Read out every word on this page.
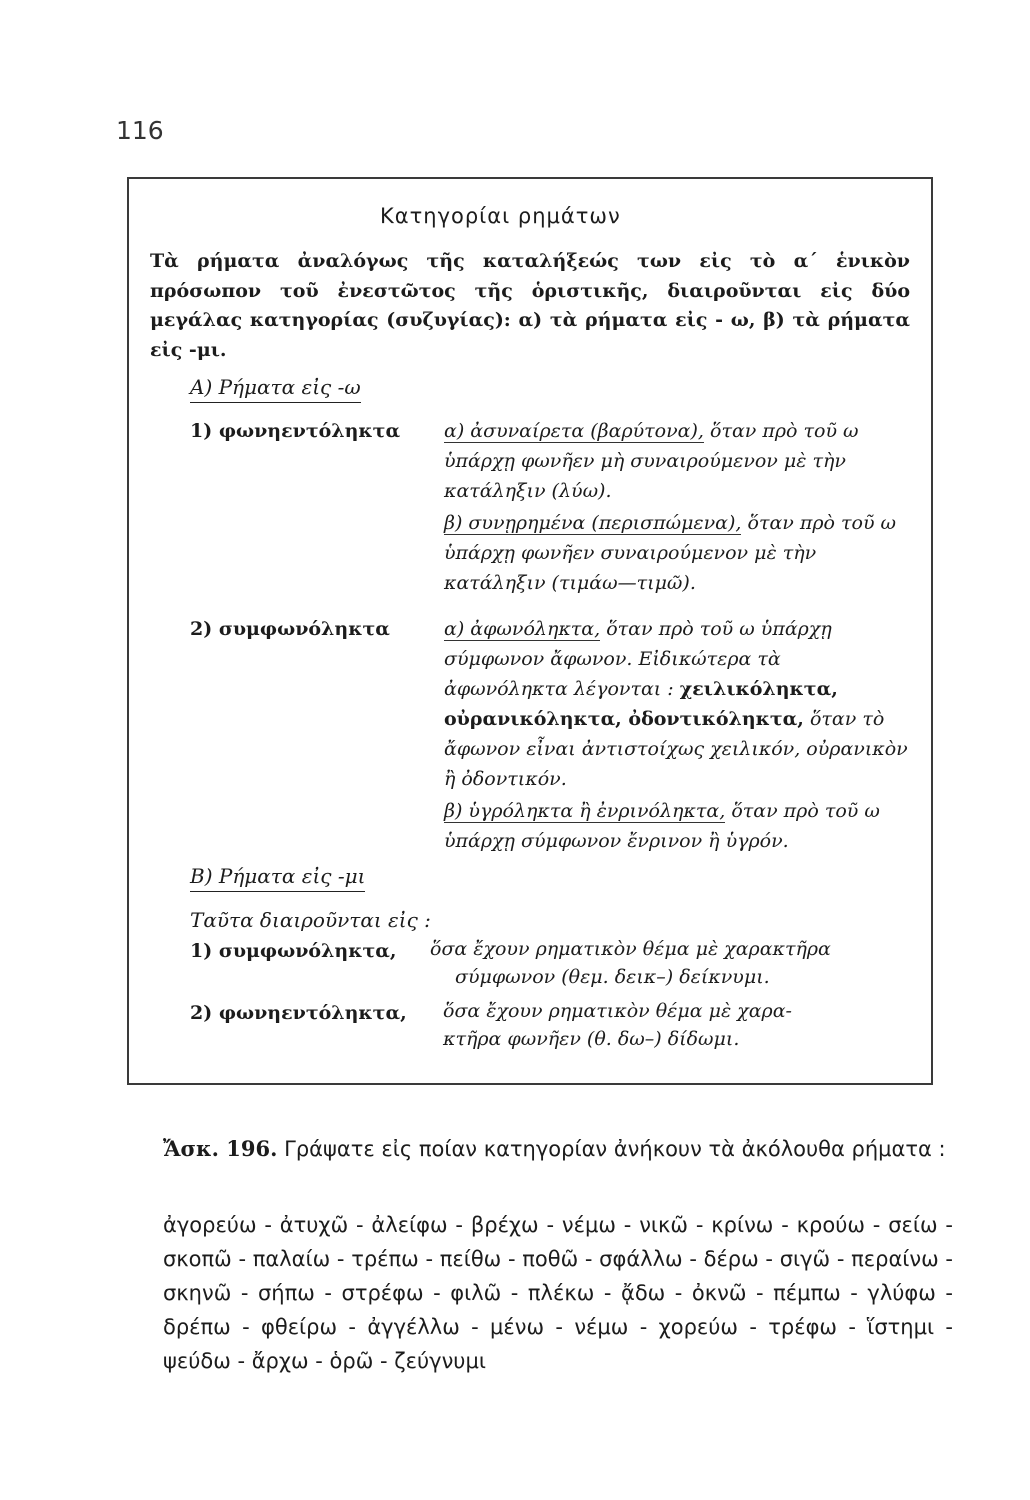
116
Κατηγορίαι ρημάτων
Τὰ ρήματα ἀναλόγως τῆς καταλήξεώς των εἰς τὸ α΄ ἑνικὸν πρόσωπον τοῦ ἐνεστῶτος τῆς ὁριστικῆς, διαιροῦνται εἰς δύο μεγάλας κατηγορίας (συζυγίας): α) τὰ ρήματα εἰς - ω, β) τὰ ρήματα εἰς -μι.
Α) Ρήματα εἰς -ω
1) φωνηεντόληκτα α) ἀσυναίρετα (βαρύτονα), ὅταν πρὸ τοῦ ω ὑπάρχῃ φωνῆεν μὴ συναιρούμενον μὲ τὴν κατάληξιν (λύω).

β) συνῃρημένα (περισπώμενα), ὅταν πρὸ τοῦ ω ὑπάρχῃ φωνῆεν συναιρούμενον μὲ τὴν κατάληξιν (τιμάω—τιμῶ).

2) συμφωνόληκτα	α) ἀφωνόληκτα, ὅταν πρὸ τοῦ ω ὑπάρχῃ σύμφωνον ἄφωνον. Εἰδικώτερα τὰ ἀφωνόληκτα λέγονται : χειλικόληκτα, οὐρανικόληκτα, ὀδοντικόληκτα, ὅταν τὸ ἄφωνον εἶναι ἀντιστοίχως χειλικόν, οὐρανικὸν ἢ ὀδοντικόν.

β) ὑγρόληκτα ἢ ἐνρινόληκτα, ὅταν πρὸ τοῦ ω ὑπάρχῃ σύμφωνον ἔνρινον ἢ ὑγρόν.

Β) Ρήματα εἰς -μι
Ταῦτα διαιροῦνται εἰς :
1) συμφωνόληκτα, ὅσα ἔχουν ρηματικὸν θέμα μὲ χαρακτῆρα
σύμφωνον (θεμ. δεικ–) δείκνυμι.
2) φωνηεντόληκτα, ὅσα ἔχουν ρηματικὸν θέμα μὲ χαρα-
κτῆρα φωνῆεν (θ. δω–) δίδωμι.
Ἄσκ. 196. Γράψατε εἰς ποίαν κατηγορίαν ἀνήκουν τὰ ἀκόλουθα ρήματα :
ἀγορεύω - ἀτυχῶ - ἀλείφω - βρέχω - νέμω - νικῶ - κρίνω - κρούω - σείω - σκοπῶ - παλαίω - τρέπω - πείθω - ποθῶ - σφάλλω - δέρω - σιγῶ - περαίνω - σκηνῶ - σήπω - στρέφω - φιλῶ - πλέκω - ᾄδω - ὀκνῶ - πέμπω - γλύφω - δρέπω - φθείρω - ἀγγέλλω - μένω - νέμω - χορεύω - τρέφω - ἵστημι - ψεύδω - ἄρχω - ὁρῶ - ζεύγνυμι
